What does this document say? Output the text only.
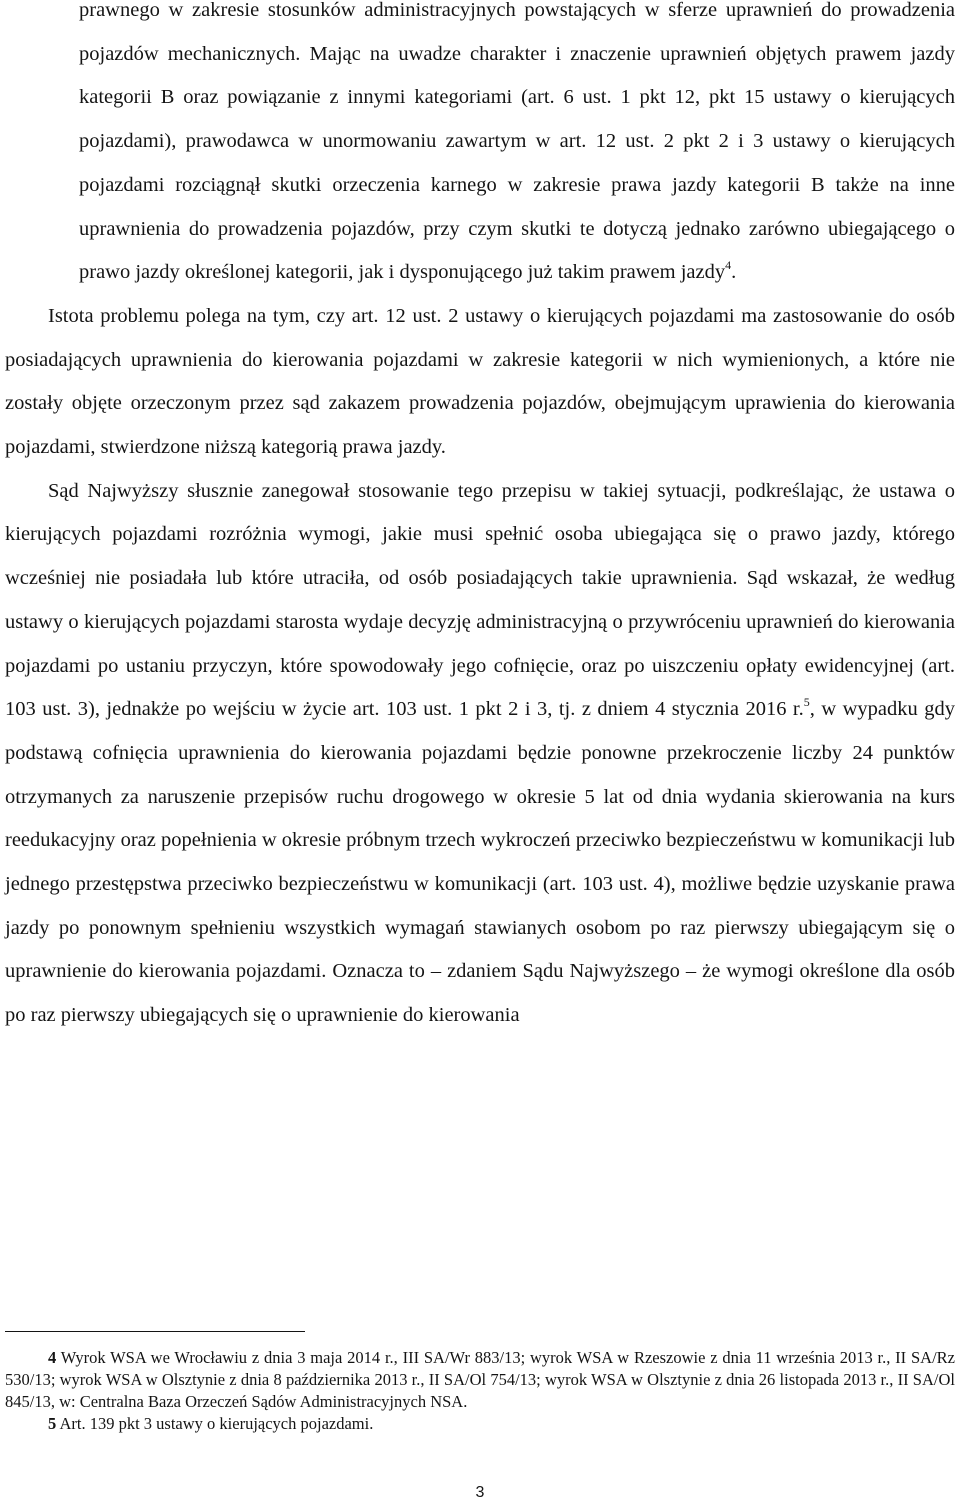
prawnego w zakresie stosunków administracyjnych powstających w sferze uprawnień do prowadzenia pojazdów mechanicznych. Mając na uwadze charakter i znaczenie uprawnień objętych prawem jazdy kategorii B oraz powiązanie z innymi kategoriami (art. 6 ust. 1 pkt 12, pkt 15 ustawy o kierujących pojazdami), prawodawca w unormowaniu zawartym w art. 12 ust. 2 pkt 2 i 3 ustawy o kierujących pojazdami rozciągnął skutki orzeczenia karnego w zakresie prawa jazdy kategorii B także na inne uprawnienia do prowadzenia pojazdów, przy czym skutki te dotyczą jednako zarówno ubiegającego o prawo jazdy określonej kategorii, jak i dysponującego już takim prawem jazdy$^4$.

Istota problemu polega na tym, czy art. 12 ust. 2 ustawy o kierujących pojazdami ma zastosowanie do osób posiadających uprawnienia do kierowania pojazdami w zakresie kategorii w nich wymienionych, a które nie zostały objęte orzeczonym przez sąd zakazem prowadzenia pojazdów, obejmującym uprawienia do kierowania pojazdami, stwierdzone niższą kategorią prawa jazdy.

Sąd Najwyższy słusznie zanegował stosowanie tego przepisu w takiej sytuacji, podkreślając, że ustawa o kierujących pojazdami rozróżnia wymogi, jakie musi spełnić osoba ubiegająca się o prawo jazdy, którego wcześniej nie posiadała lub które utraciła, od osób posiadających takie uprawnienia. Sąd wskazał, że według ustawy o kierujących pojazdami starosta wydaje decyzję administracyjną o przywróceniu uprawnień do kierowania pojazdami po ustaniu przyczyn, które spowodowały jego cofnięcie, oraz po uiszczeniu opłaty ewidencyjnej (art. 103 ust. 3), jednakże po wejściu w życie art. 103 ust. 1 pkt 2 i 3, tj. z dniem 4 stycznia 2016 r.$^5$, w wypadku gdy podstawą cofnięcia uprawnienia do kierowania pojazdami będzie ponowne przekroczenie liczby 24 punktów otrzymanych za naruszenie przepisów ruchu drogowego w okresie 5 lat od dnia wydania skierowania na kurs reedukacyjny oraz popełnienia w okresie próbnym trzech wykroczeń przeciwko bezpieczeństwu w komunikacji lub jednego przestępstwa przeciwko bezpieczeństwu w komunikacji (art. 103 ust. 4), możliwe będzie uzyskanie prawa jazdy po ponownym spełnieniu wszystkich wymagań stawianych osobom po raz pierwszy ubiegającym się o uprawnienie do kierowania pojazdami. Oznacza to – zdaniem Sądu Najwyższego – że wymogi określone dla osób po raz pierwszy ubiegających się o uprawnienie do kierowania

4 Wyrok WSA we Wrocławiu z dnia 3 maja 2014 r., III SA/Wr 883/13; wyrok WSA w Rzeszowie z dnia 11 września 2013 r., II SA/Rz 530/13; wyrok WSA w Olsztynie z dnia 8 października 2013 r., II SA/Ol 754/13; wyrok WSA w Olsztynie z dnia 26 listopada 2013 r., II SA/Ol 845/13, w: Centralna Baza Orzeczeń Sądów Administracyjnych NSA.

5 Art. 139 pkt 3 ustawy o kierujących pojazdami.

3
